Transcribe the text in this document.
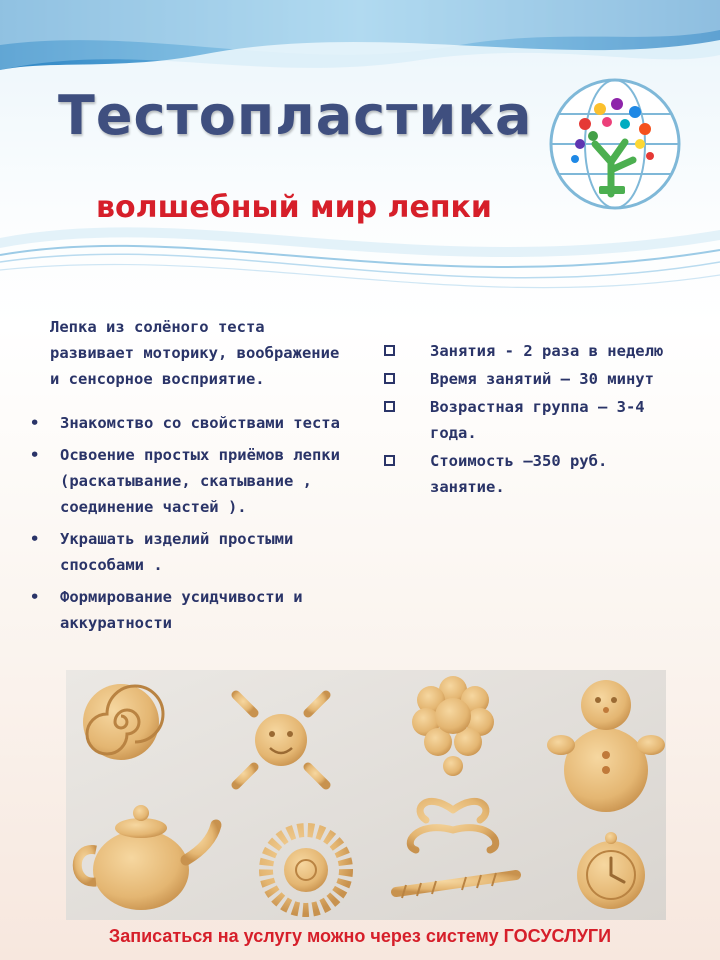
Тестопластика
волшебный мир лепки

Лепка из солёного теста развивает моторику, воображение и сенсорное восприятие.

• Знакомство со свойствами теста
• Освоение простых приёмов лепки (раскатывание, скатывание , соединение частей ).
• Украшать изделий простыми способами .
• Формирование усидчивости и аккуратности
Занятия - 2 раза в неделю
Время занятий – 30 минут
Возрастная группа – 3-4 года.
Стоимость –350 руб. занятие.
Записаться на услугу можно через систему ГОСУСЛУГИ
